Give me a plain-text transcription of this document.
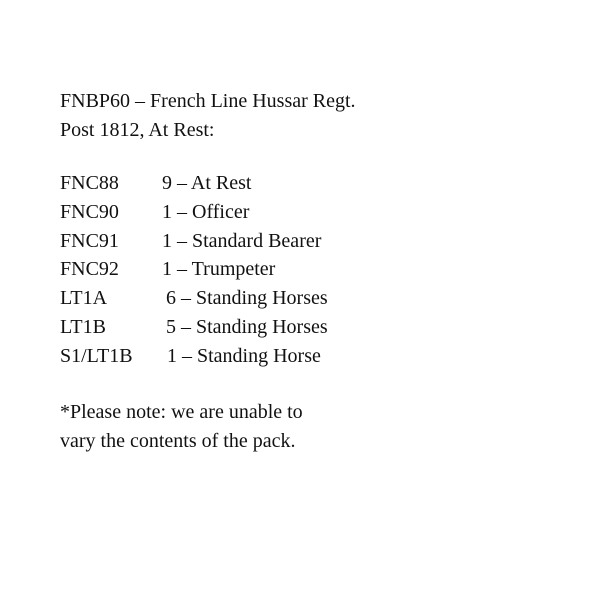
FNBP60 – French Line Hussar Regt.
Post 1812, At Rest:
FNC88	9 – At Rest
FNC90	1 – Officer
FNC91	1 – Standard Bearer
FNC92	1 – Trumpeter
LT1A	6 – Standing Horses
LT1B	5 – Standing Horses
S1/LT1B	1 – Standing Horse
*Please note: we are unable to
vary the contents of the pack.
